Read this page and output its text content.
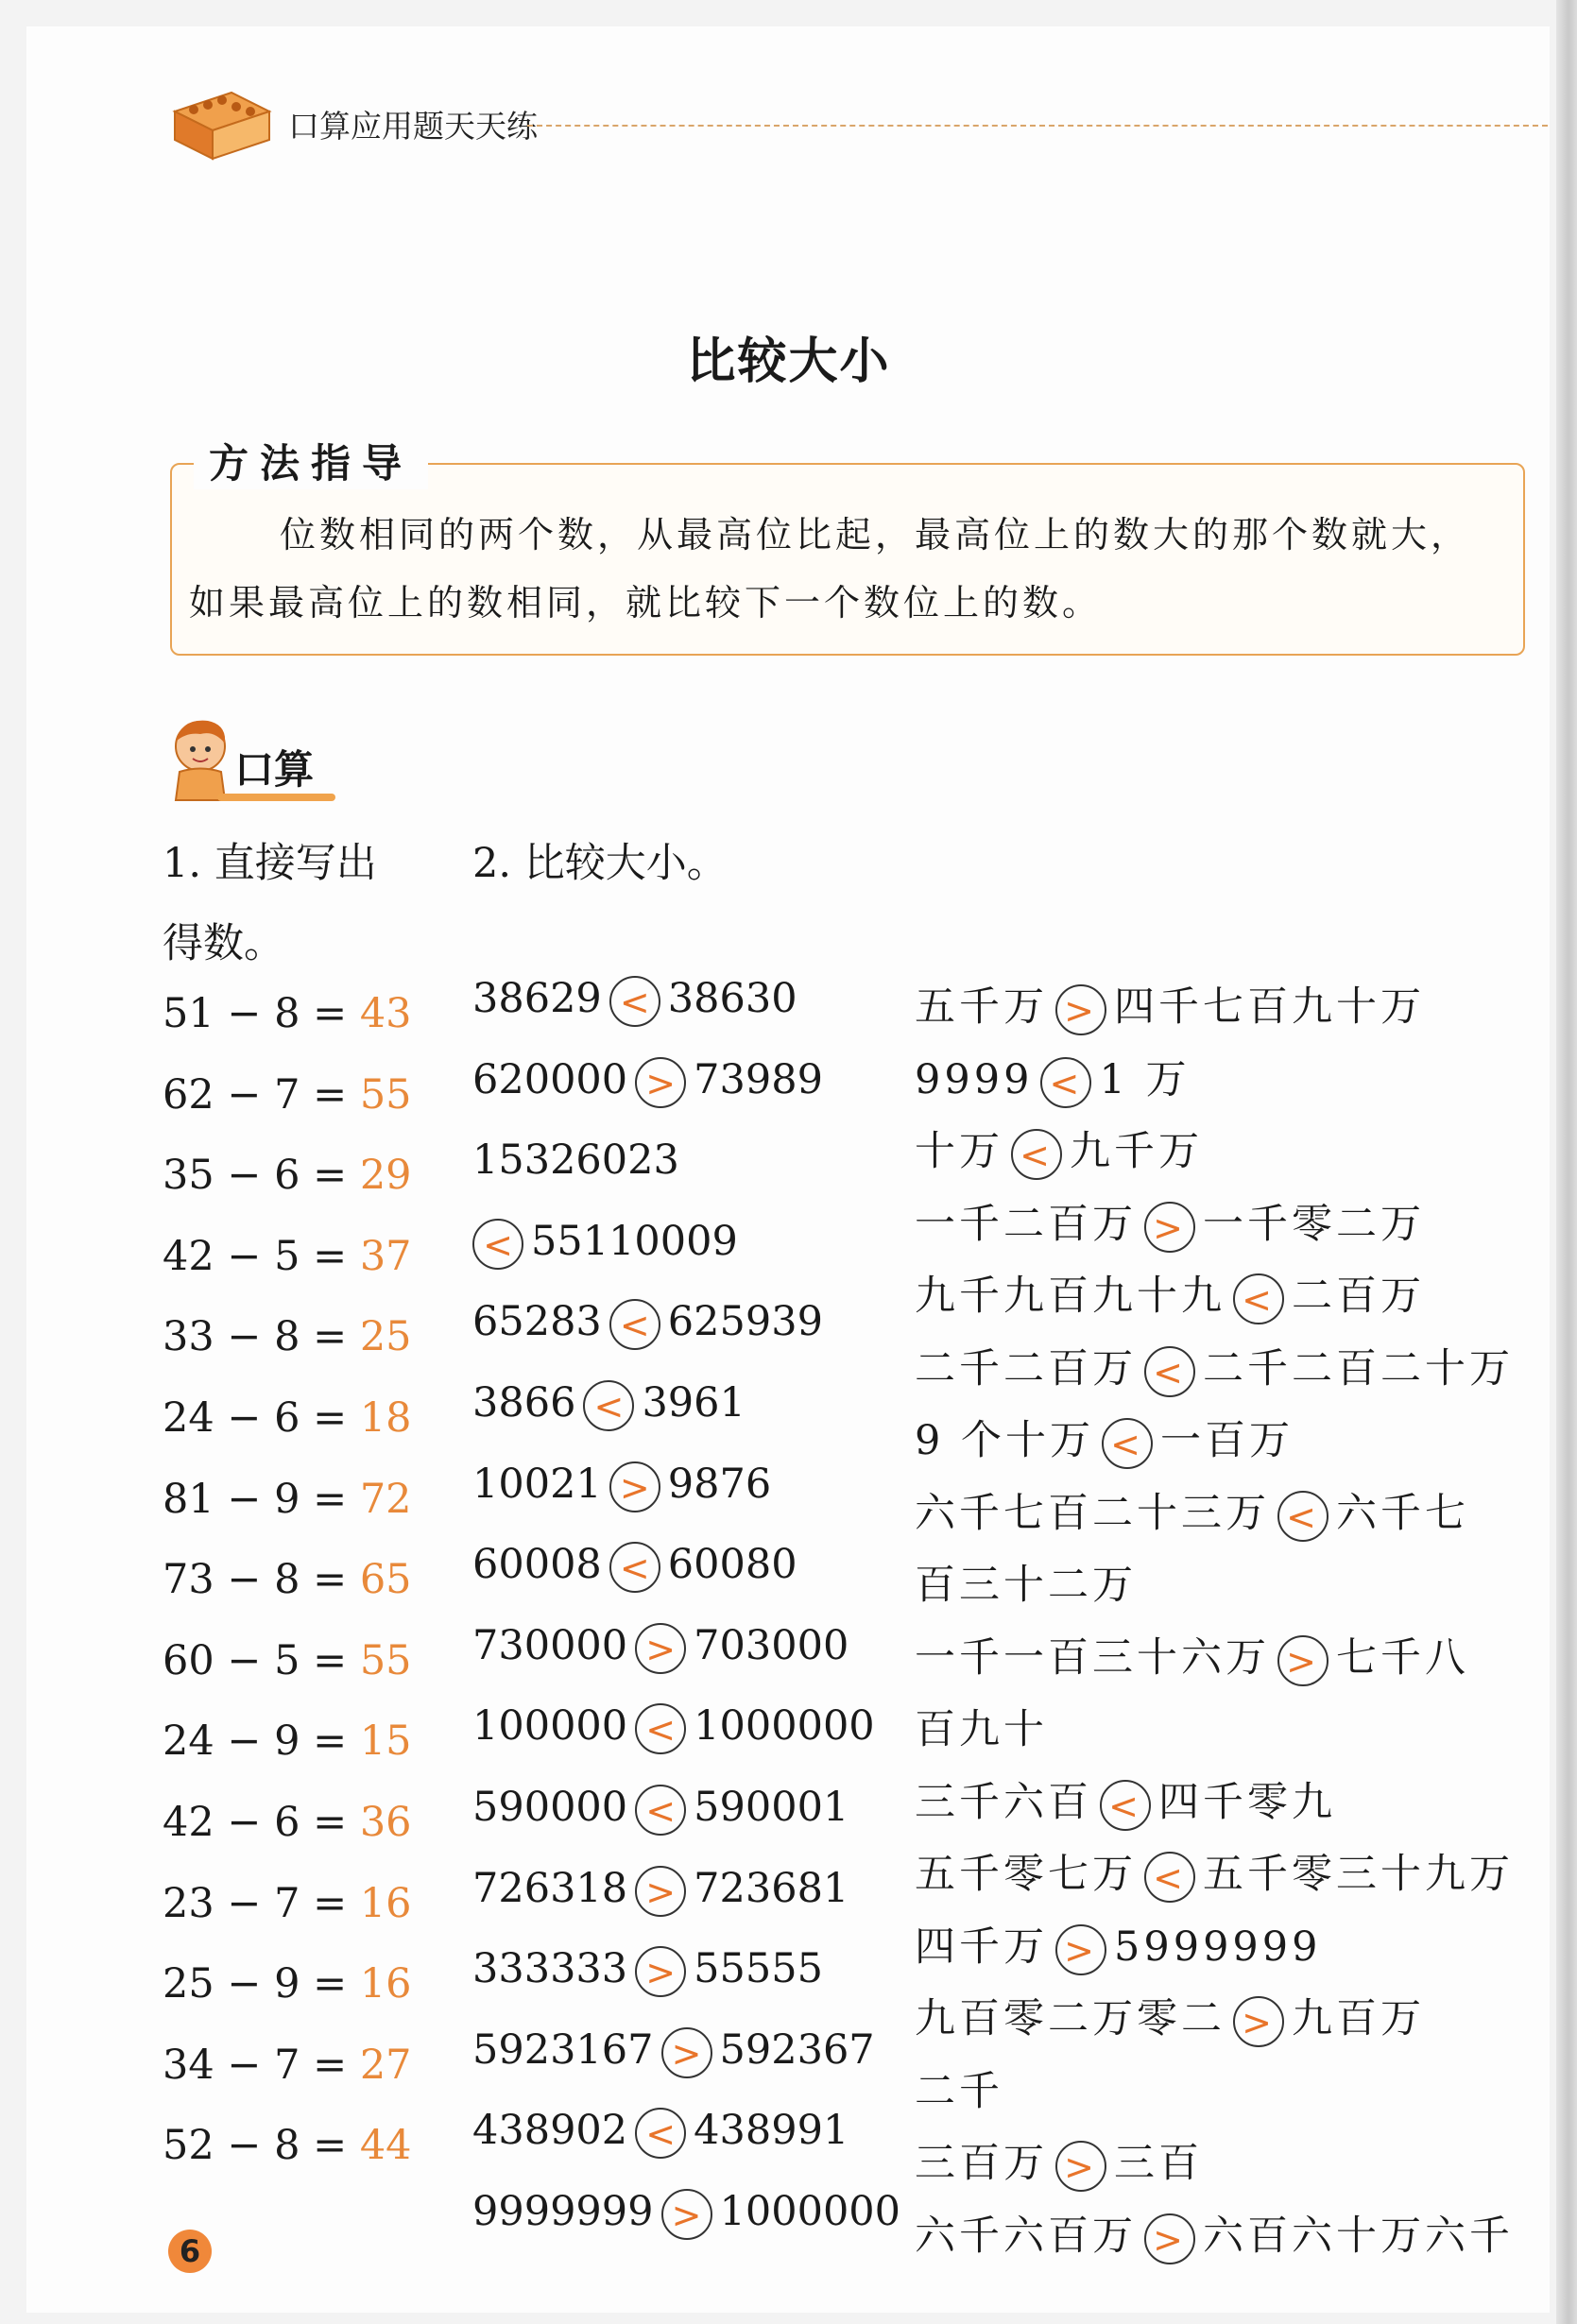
口算应用题天天练
比较大小
方法指导
位数相同的两个数，从最高位比起，最高位上的数大的那个数就大，如果最高位上的数相同，就比较下一个数位上的数。
口算
1. 直接写出
得数。
2. 比较大小。
6
51 − 8 = 43
62 − 7 = 55
35 − 6 = 29
42 − 5 = 37
33 − 8 = 25
24 − 6 = 18
81 − 9 = 72
73 − 8 = 65
60 − 5 = 55
24 − 9 = 15
42 − 6 = 36
23 − 7 = 16
25 − 9 = 16
34 − 7 = 27
52 − 8 = 44
38629 < 38630
620000 > 73989
15326023
< 55110009
65283 < 625939
3866 < 3961
10021 > 9876
60008 < 60080
730000 > 703000
100000 < 1000000
590000 < 590001
726318 > 723681
333333 > 55555
5923167 > 592367
438902 < 438991
9999999 > 1000000
五千万 > 四千七百九十万
9999 < 1 万
十万 < 九千万
一千二百万 > 一千零二万
九千九百九十九 < 二百万
二千二百万 < 二千二百二十万
9 个十万 < 一百万
六千七百二十三万 < 六千七
百三十二万
一千一百三十六万 > 七千八
百九十
三千六百 < 四千零九
五千零七万 < 五千零三十九万
四千万 > 5999999
九百零二万零二 > 九百万
二千
三百万 > 三百
六千六百万 > 六百六十万六千
